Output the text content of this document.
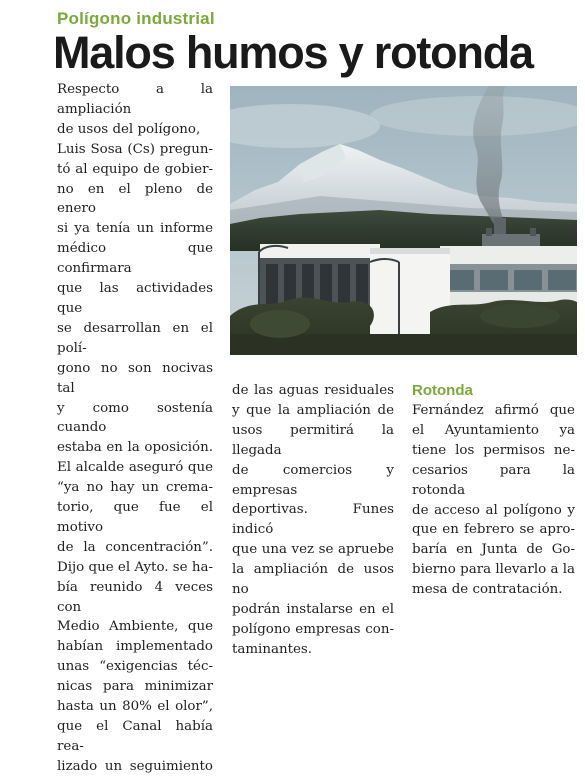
Polígono industrial
Malos humos y rotonda

Respecto a la ampliación

de usos del polígono,

Luis Sosa (Cs) pregun-

tó al equipo de gobier-

no en el pleno de enero

si ya tenía un informe

médico que confirmara

que las actividades que

se desarrollan en el polí-

gono no son nocivas tal

y como sostenía cuando

estaba en la oposición.

El alcalde aseguró que

“ya no hay un crema-

torio, que fue el motivo

de la concentración”.

Dijo que el Ayto. se ha-

bía reunido 4 veces con

Medio Ambiente, que

habían implementado

unas “exigencias téc-

nicas para minimizar

hasta un 80% el olor”,

que el Canal había rea-

lizado un seguimiento

de las aguas residuales

y que la ampliación de

usos permitirá la llegada

de comercios y empresas

deportivas. Funes indicó

que una vez se apruebe

la ampliación de usos no

podrán instalarse en el

polígono empresas con-

taminantes.

Rotonda

Fernández afirmó que

el Ayuntamiento ya

tiene los permisos ne-

cesarios para la rotonda

de acceso al polígono y

que en febrero se apro-

baría en Junta de Go-

bierno para llevarlo a la

mesa de contratación.
